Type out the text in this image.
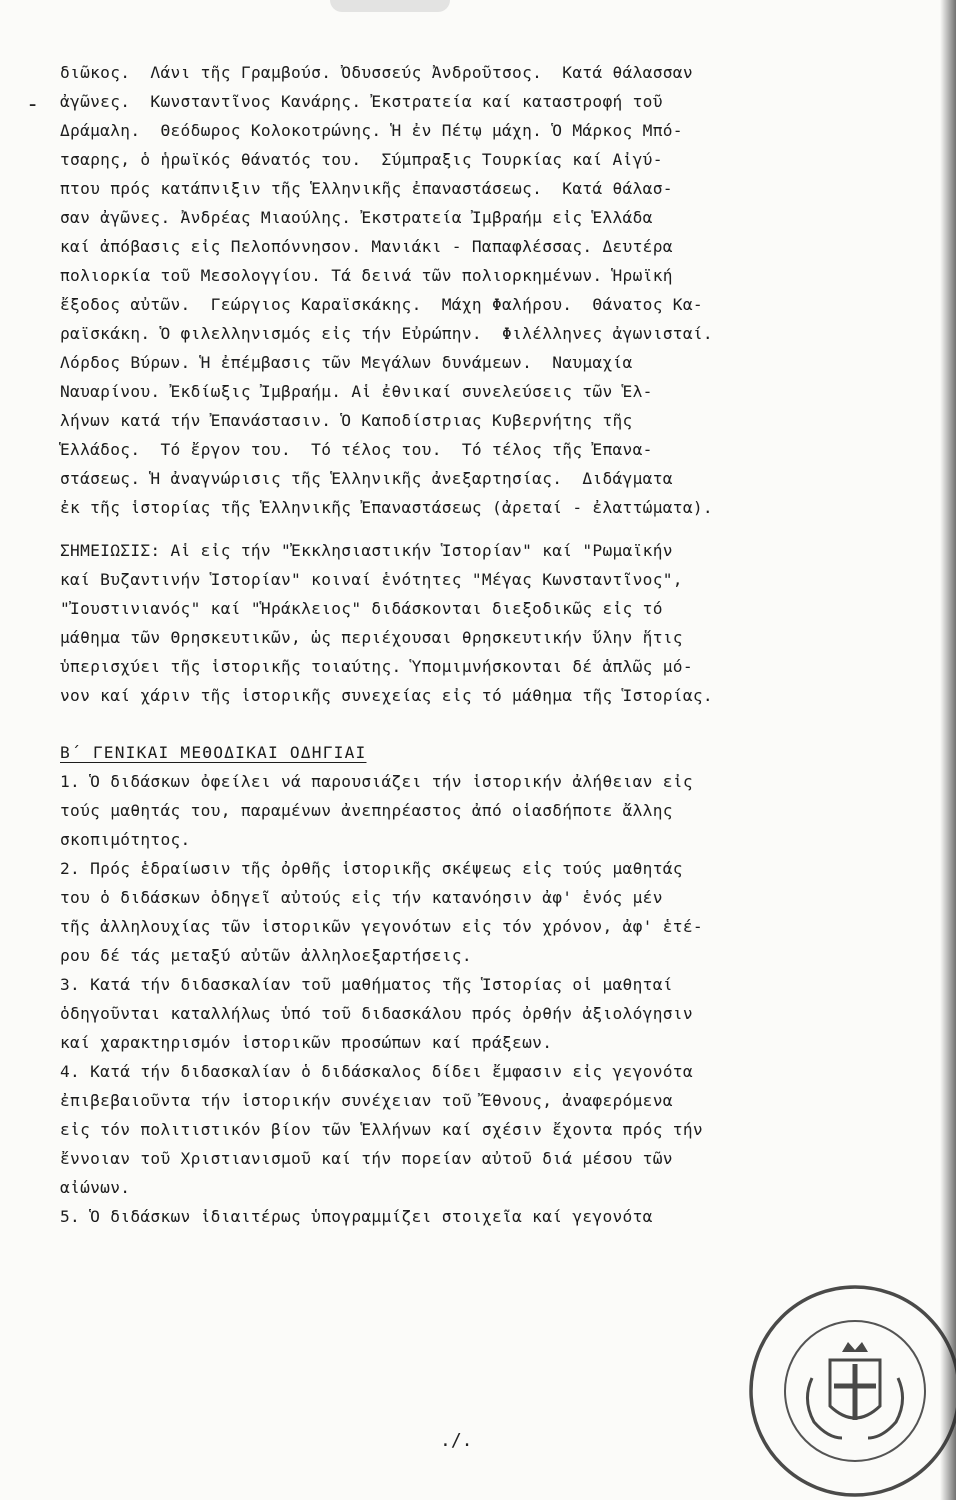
-
διῶκος.  Λάνι τῆς Γραμβούσ. Ὀδυσσεύς Ἀνδροῦτσος.  Κατά θάλασσαν
ἀγῶνες.  Κωνσταντῖνος Κανάρης. Ἐκστρατεία καί καταστροφή τοῦ
Δράμαλη.  Θεόδωρος Κολοκοτρώνης. Ἡ ἐν Πέτῳ μάχη. Ὁ Μάρκος Μπό-
τσαρης, ὁ ἡρωϊκός θάνατός του.  Σύμπραξις Τουρκίας καί Αἰγύ-
πτου πρός κατάπνιξιν τῆς Ἑλληνικῆς ἐπαναστάσεως.  Κατά θάλασ-
σαν ἀγῶνες. Ἀνδρέας Μιαούλης. Ἐκστρατεία Ἰμβραήμ εἰς Ἑλλάδα
καί ἀπόβασις εἰς Πελοπόννησον. Μανιάκι - Παπαφλέσσας. Δευτέρα
πολιορκία τοῦ Μεσολογγίου. Τά δεινά τῶν πολιορκημένων. Ἡρωϊκή
ἔξοδος αὐτῶν.  Γεώργιος Καραϊσκάκης.  Μάχη Φαλήρου.  Θάνατος Κα-
ραϊσκάκη. Ὁ φιλελληνισμός εἰς τήν Εὐρώπην.  Φιλέλληνες ἀγωνισταί.
Λόρδος Βύρων. Ἡ ἐπέμβασις τῶν Μεγάλων δυνάμεων.  Ναυμαχία
Ναυαρίνου. Ἐκδίωξις Ἰμβραήμ. Αἱ ἐθνικαί συνελεύσεις τῶν Ἑλ-
λήνων κατά τήν Ἐπανάστασιν. Ὁ Καποδίστριας Κυβερνήτης τῆς
Ἑλλάδος.  Τό ἔργον του.  Τό τέλος του.  Τό τέλος τῆς Ἐπανα-
στάσεως. Ἡ ἀναγνώρισις τῆς Ἑλληνικῆς ἀνεξαρτησίας.  Διδάγματα
ἐκ τῆς ἱστορίας τῆς Ἑλληνικῆς Ἐπαναστάσεως (ἀρεταί - ἐλαττώματα).
ΣΗΜΕΙΩΣΙΣ: Αἱ εἰς τήν "Ἐκκλησιαστικήν Ἱστορίαν" καί "Ρωμαϊκήν
καί Βυζαντινήν Ἱστορίαν" κοιναί ἑνότητες "Μέγας Κωνσταντῖνος",
"Ἰουστινιανός" καί "Ἡράκλειος" διδάσκονται διεξοδικῶς εἰς τό
μάθημα τῶν Θρησκευτικῶν, ὡς περιέχουσαι θρησκευτικήν ὕλην ἥτις
ὑπερισχύει τῆς ἱστορικῆς τοιαύτης. Ὑπομιμνήσκονται δέ ἁπλῶς μό-
νον καί χάριν τῆς ἱστορικῆς συνεχείας εἰς τό μάθημα τῆς Ἱστορίας.
Β΄ ΓΕΝΙΚΑΙ ΜΕΘΟΔΙΚΑΙ ΟΔΗΓΙΑΙ
1. Ὁ διδάσκων ὀφείλει νά παρουσιάζει τήν ἱστορικήν ἀλήθειαν εἰς
τούς μαθητάς του, παραμένων ἀνεπηρέαστος ἀπό οἱασδήποτε ἄλλης
σκοπιμότητος.
2. Πρός ἑδραίωσιν τῆς ὀρθῆς ἱστορικῆς σκέψεως εἰς τούς μαθητάς
του ὁ διδάσκων ὁδηγεῖ αὐτούς εἰς τήν κατανόησιν ἀφ' ἑνός μέν
τῆς ἀλληλουχίας τῶν ἱστορικῶν γεγονότων εἰς τόν χρόνον, ἀφ' ἑτέ-
ρου δέ τάς μεταξύ αὐτῶν ἀλληλοεξαρτήσεις.
3. Κατά τήν διδασκαλίαν τοῦ μαθήματος τῆς Ἱστορίας οἱ μαθηταί
ὁδηγοῦνται καταλλήλως ὑπό τοῦ διδασκάλου πρός ὀρθήν ἀξιολόγησιν
καί χαρακτηρισμόν ἱστορικῶν προσώπων καί πράξεων.
4. Κατά τήν διδασκαλίαν ὁ διδάσκαλος δίδει ἔμφασιν εἰς γεγονότα
ἐπιβεβαιοῦντα τήν ἱστορικήν συνέχειαν τοῦ Ἔθνους, ἀναφερόμενα
εἰς τόν πολιτιστικόν βίον τῶν Ἑλλήνων καί σχέσιν ἔχοντα πρός τήν
ἔννοιαν τοῦ Χριστιανισμοῦ καί τήν πορείαν αὐτοῦ διά μέσου τῶν
αἰώνων.
5. Ὁ διδάσκων ἰδιαιτέρως ὑπογραμμίζει στοιχεῖα καί γεγονότα
./.
